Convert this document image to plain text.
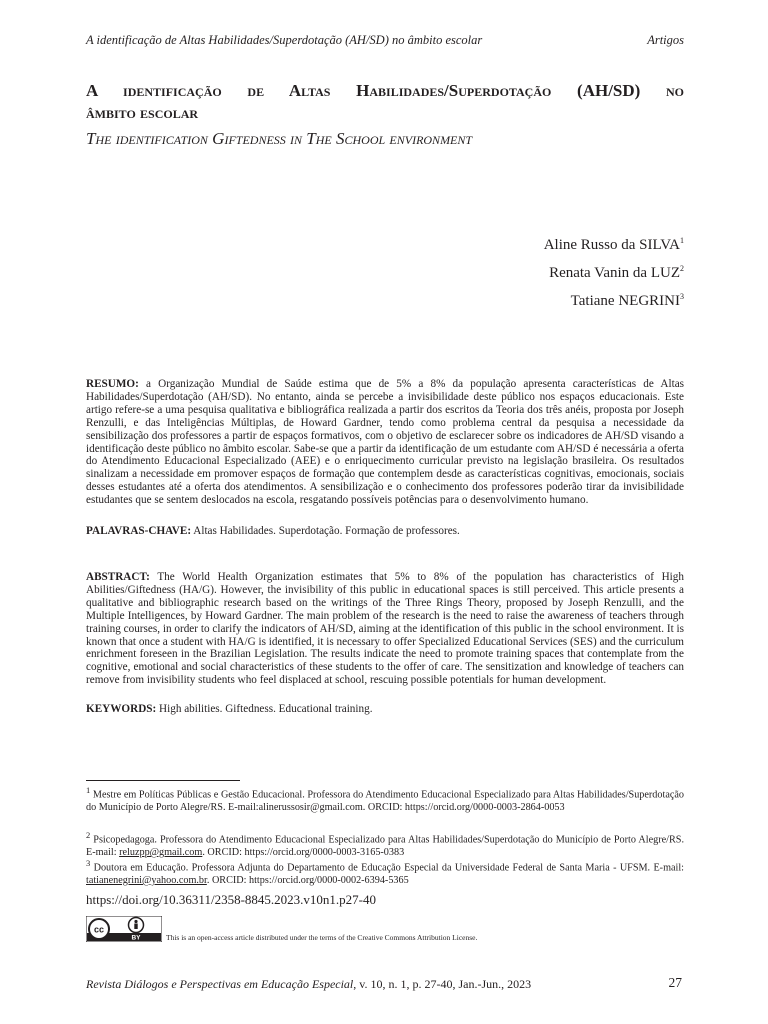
A identificação de Altas Habilidades/Superdotação (AH/SD) no âmbito escolar	Artigos
A identificação de Altas Habilidades/Superdotação (AH/SD) no
âmbito escolar
The identification Giftedness in The School environment
Aline Russo da SILVA$^1$
Renata Vanin da LUZ$^2$
Tatiane NEGRINI$^3$
RESUMO: a Organização Mundial de Saúde estima que de 5% a 8% da população apresenta características de Altas Habilidades/Superdotação (AH/SD). No entanto, ainda se percebe a invisibilidade deste público nos espaços educacionais. Este artigo refere-se a uma pesquisa qualitativa e bibliográfica realizada a partir dos escritos da Teoria dos três anéis, proposta por Joseph Renzulli, e das Inteligências Múltiplas, de Howard Gardner, tendo como problema central da pesquisa a necessidade da sensibilização dos professores a partir de espaços formativos, com o objetivo de esclarecer sobre os indicadores de AH/SD visando a identificação deste público no âmbito escolar. Sabe-se que a partir da identificação de um estudante com AH/SD é necessária a oferta do Atendimento Educacional Especializado (AEE) e o enriquecimento curricular previsto na legislação brasileira. Os resultados sinalizam a necessidade em promover espaços de formação que contemplem desde as características cognitivas, emocionais, sociais desses estudantes até a oferta dos atendimentos. A sensibilização e o conhecimento dos professores poderão tirar da invisibilidade estudantes que se sentem deslocados na escola, resgatando possíveis potências para o desenvolvimento humano.
PALAVRAS-CHAVE: Altas Habilidades. Superdotação. Formação de professores.
ABSTRACT: The World Health Organization estimates that 5% to 8% of the population has characteristics of High Abilities/Giftedness (HA/G). However, the invisibility of this public in educational spaces is still perceived. This article presents a qualitative and bibliographic research based on the writings of the Three Rings Theory, proposed by Joseph Renzulli, and the Multiple Intelligences, by Howard Gardner. The main problem of the research is the need to raise the awareness of teachers through training courses, in order to clarify the indicators of AH/SD, aiming at the identification of this public in the school environment. It is known that once a student with HA/G is identified, it is necessary to offer Specialized Educational Services (SES) and the curriculum enrichment foreseen in the Brazilian Legislation. The results indicate the need to promote training spaces that contemplate from the cognitive, emotional and social characteristics of these students to the offer of care. The sensitization and knowledge of teachers can remove from invisibility students who feel displaced at school, rescuing possible potentials for human development.
KEYWORDS: High abilities. Giftedness. Educational training.
$^1$ Mestre em Políticas Públicas e Gestão Educacional. Professora do Atendimento Educacional Especializado para Altas Habilidades/Superdotação do Município de Porto Alegre/RS. E-mail:alinerussosir@gmail.com. ORCID: https://orcid.org/0000-0003-2864-0053
$^2$ Psicopedagoga. Professora do Atendimento Educacional Especializado para Altas Habilidades/Superdotação do Município de Porto Alegre/RS. E-mail: reluzpp@gmail.com. ORCID: https://orcid.org/0000-0003-3165-0383
$^3$ Doutora em Educação. Professora Adjunta do Departamento de Educação Especial da Universidade Federal de Santa Maria - UFSM. E-mail: tatianenegrini@yahoo.com.br. ORCID: https://orcid.org/0000-0002-6394-5365
https://doi.org/10.36311/2358-8845.2023.v10n1.p27-40
cc
BY	This is an open-access article distributed under the terms of the Creative Commons Attribution License.
Revista Diálogos e Perspectivas em Educação Especial, v. 10, n. 1, p. 27-40, Jan.-Jun., 2023	27
